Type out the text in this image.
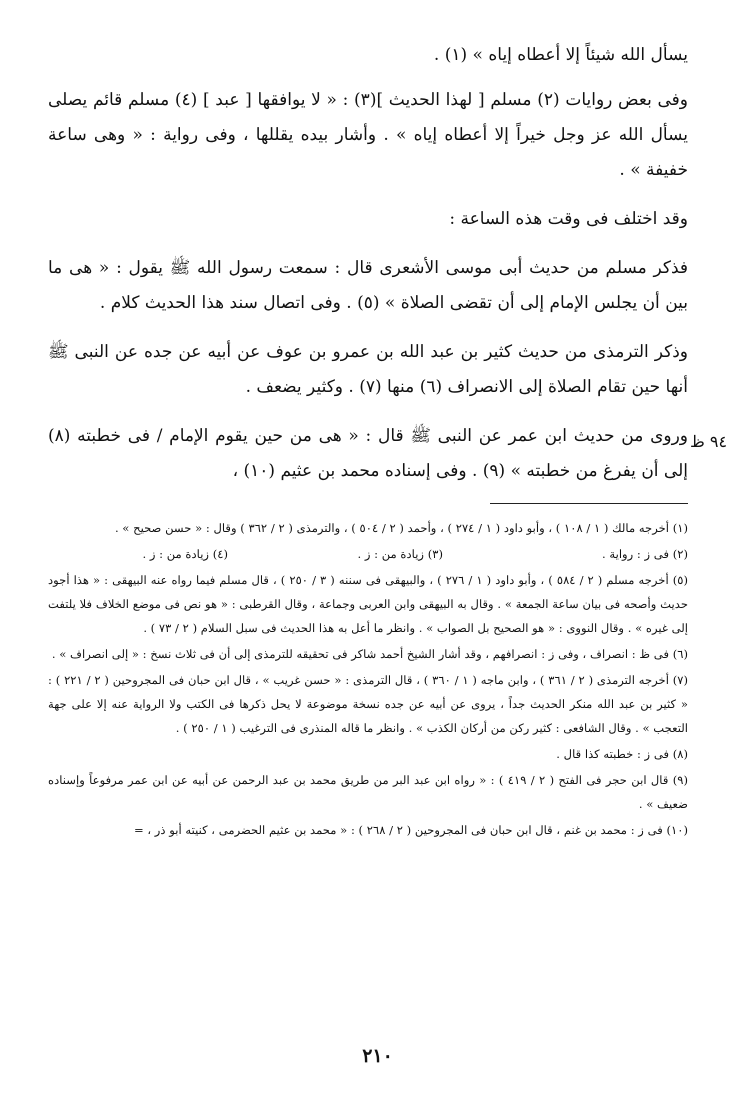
يسأل الله شيئاً إلا أعطاه إياه » (١) .

وفى بعض روايات (٢) مسلم [ لهذا الحديث ](٣) : « لا يوافقها [ عبد ] (٤) مسلم قائم يصلى يسأل الله عز وجل خيراً إلا أعطاه إياه » . وأشار بيده يقللها ، وفى رواية : « وهى ساعة خفيفة » .

وقد اختلف فى وقت هذه الساعة :

فذكر مسلم من حديث أبى موسى الأشعرى قال : سمعت رسول الله ﷺ يقول : « هى ما بين أن يجلس الإمام إلى أن تقضى الصلاة » (٥) . وفى اتصال سند هذا الحديث كلام .

وذكر الترمذى من حديث كثير بن عبد الله بن عمرو بن عوف عن أبيه عن جده عن النبى ﷺ أنها حين تقام الصلاة إلى الانصراف (٦) منها (٧) . وكثير يضعف .

وروى من حديث ابن عمر عن النبى ﷺ قال : « هى من حين يقوم الإمام / فى خطبته (٨) إلى أن يفرغ من خطبته » (٩) . وفى إسناده محمد بن عثيم (١٠) ،

(١) أخرجه مالك ( ١ / ١٠٨ ) ، وأبو داود ( ١ / ٢٧٤ ) ، وأحمد ( ٢ / ٥٠٤ ) ، والترمذى ( ٢ / ٣٦٢ ) وقال : « حسن صحيح » .
(٢) فى ز : رواية .
(٣) زيادة من : ز .
(٤) زيادة من : ز .
(٥) أخرجه مسلم ( ٢ / ٥٨٤ ) ، وأبو داود ( ١ / ٢٧٦ ) ، والبيهقى فى سننه ( ٣ / ٢٥٠ ) ، قال مسلم فيما رواه عنه البيهقى : « هذا أجود حديث وأصحه فى بيان ساعة الجمعة » . وقال به البيهقى وابن العربى وجماعة ، وقال القرطبى : « هو نص فى موضع الخلاف فلا يلتفت إلى غيره » . وقال النووى : « هو الصحيح بل الصواب » . وانظر ما أعل به هذا الحديث فى سبل السلام ( ٢ / ٧٣ ) .
(٦) فى ظ : انصراف ، وفى ز : انصرافهم ، وقد أشار الشيخ أحمد شاكر فى تحقيقه للترمذى إلى أن فى ثلاث نسخ : « إلى انصراف » .
(٧) أخرجه الترمذى ( ٢ / ٣٦١ ) ، وابن ماجه ( ١ / ٣٦٠ ) ، قال الترمذى : « حسن غريب » ، قال ابن حبان فى المجروحين ( ٢ / ٢٢١ ) : « كثير بن عبد الله منكر الحديث جداً ، يروى عن أبيه عن جده نسخة موضوعة لا يحل ذكرها فى الكتب ولا الرواية عنه إلا على جهة التعجب » . وقال الشافعى : كثير ركن من أركان الكذب » . وانظر ما قاله المنذرى فى الترغيب ( ١ / ٢٥٠ ) .
(٨) فى ز : خطبته كذا قال .
(٩) قال ابن حجر فى الفتح ( ٢ / ٤١٩ ) : « رواه ابن عبد البر من طريق محمد بن عبد الرحمن عن أبيه عن ابن عمر مرفوعاً وإسناده ضعيف » .
(١٠) فى ز : محمد بن غنم ، قال ابن حبان فى المجروحين ( ٢ / ٢٦٨ ) : « محمد بن عثيم الحضرمى ، كنيته أبو ذر ، =
٩٤ ظ
٢١٠
